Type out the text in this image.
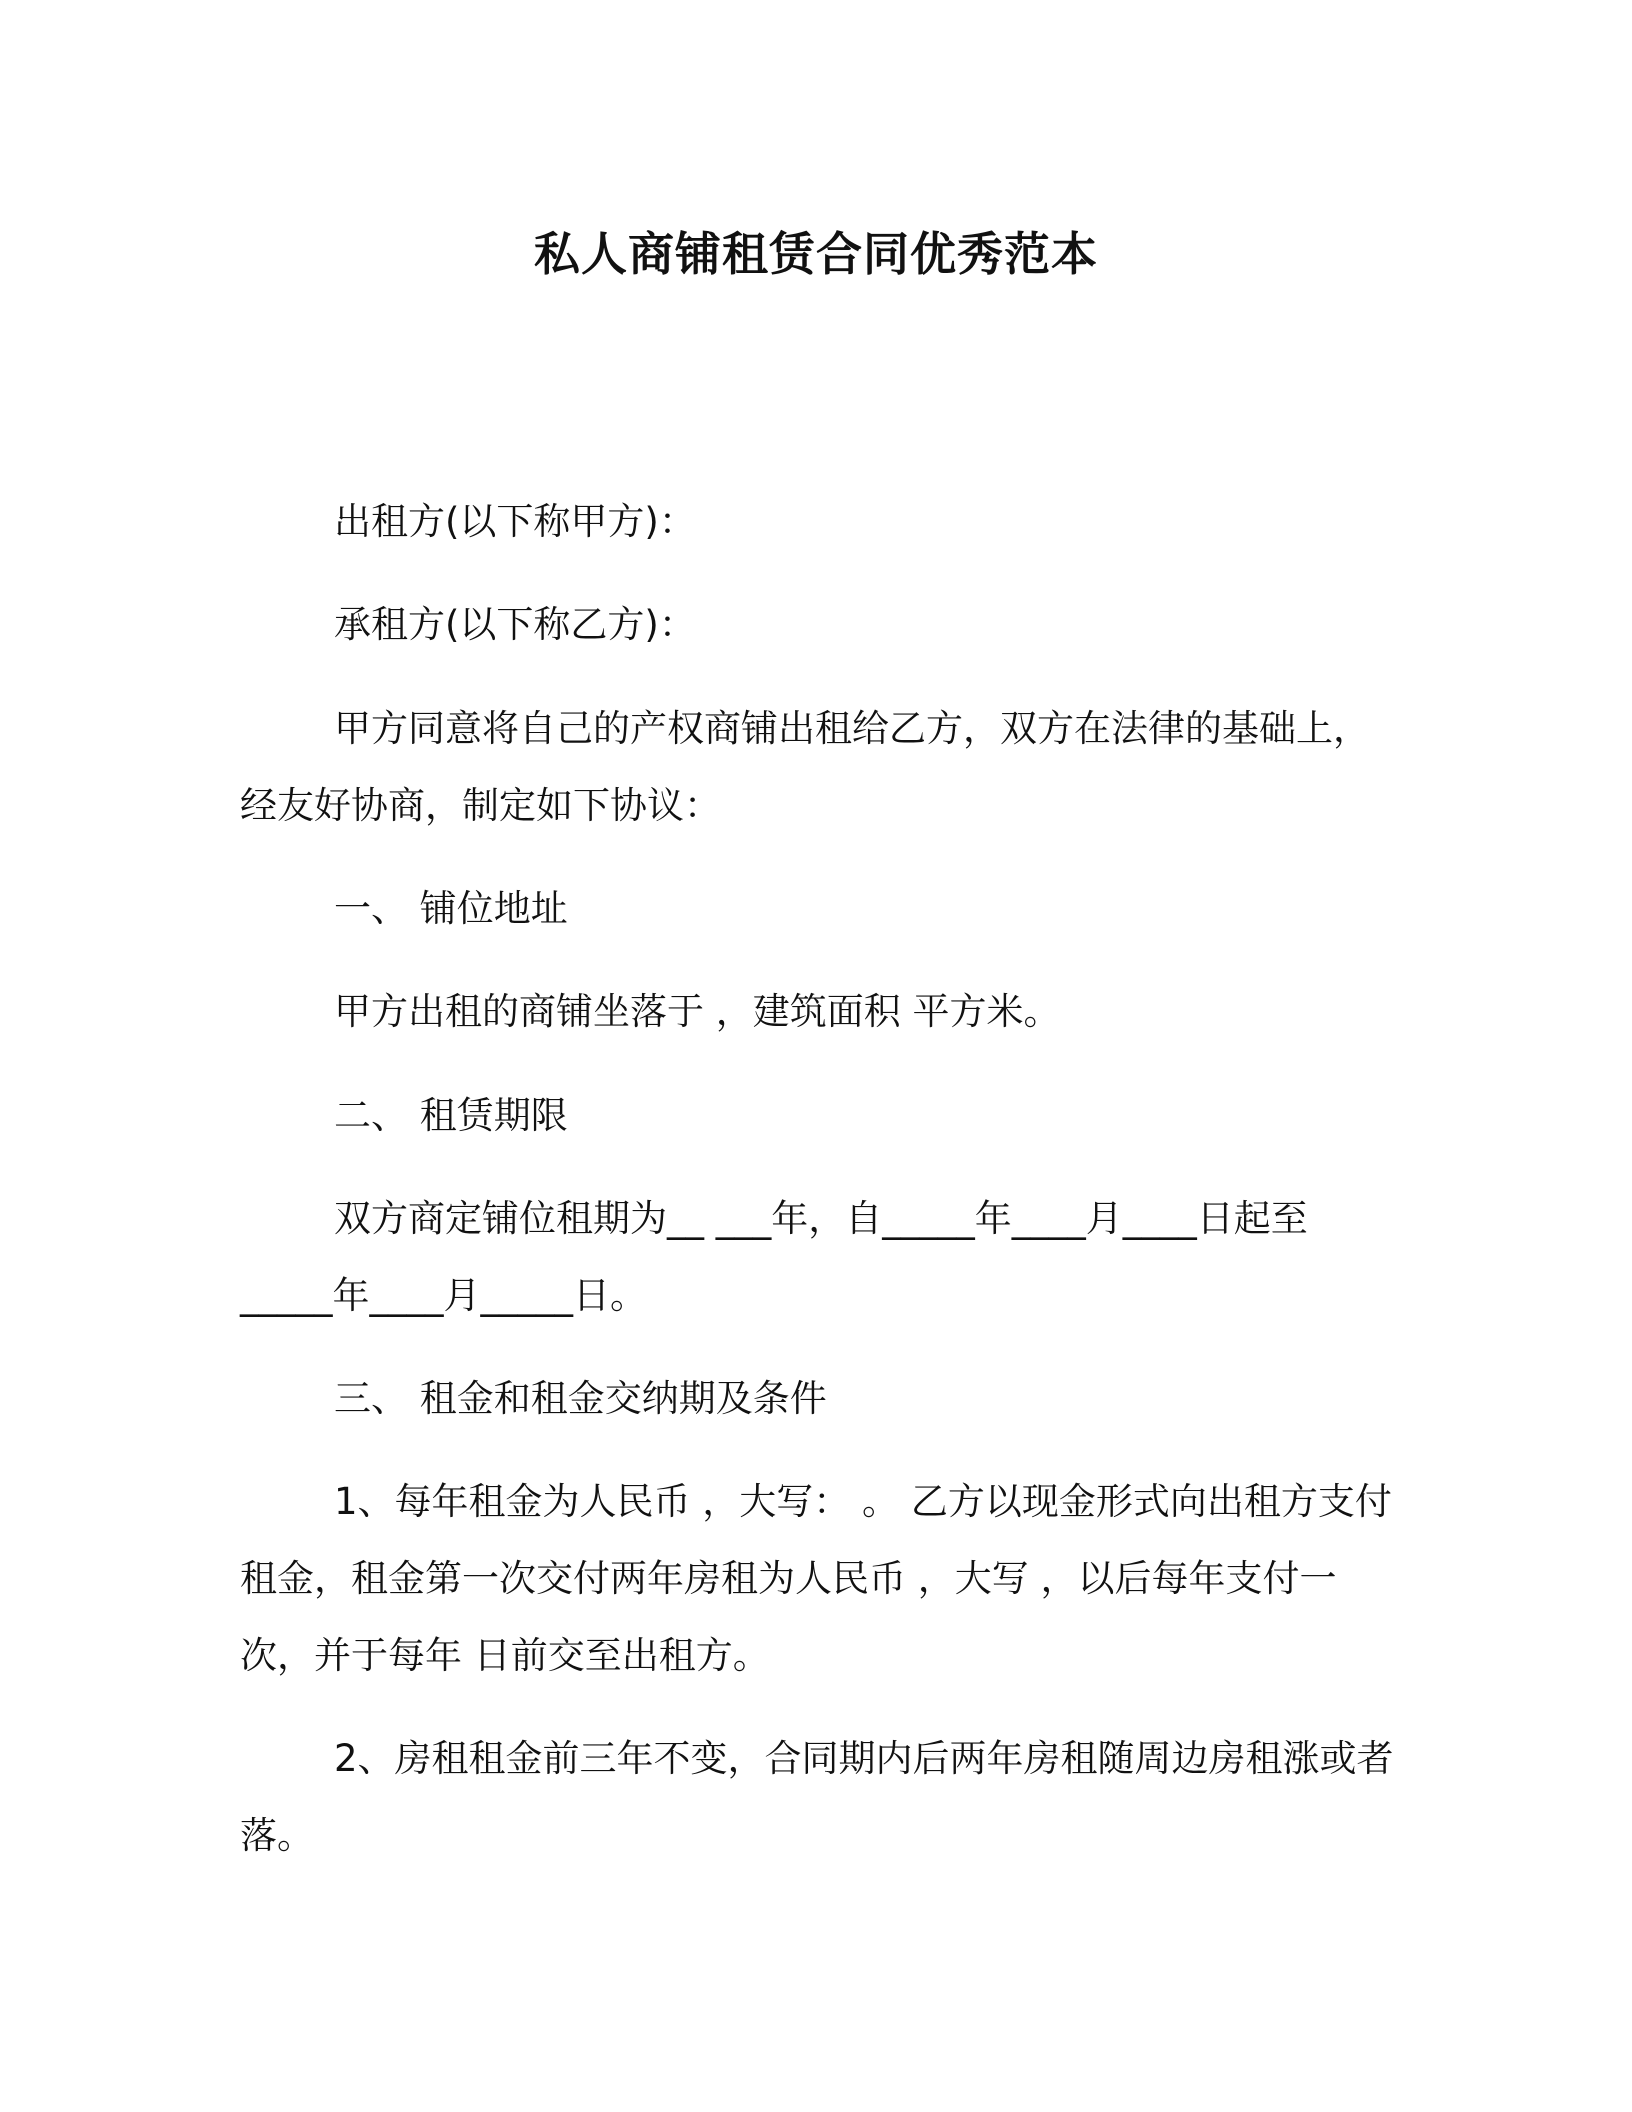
私人商铺租赁合同优秀范本
出租方(以下称甲方)：
承租方(以下称乙方)：
甲方同意将自己的产权商铺出租给乙方，双方在法律的基础上，经友好协商，制定如下协议：
一、 铺位地址
甲方出租的商铺坐落于 ，建筑面积 平方米。
二、 租赁期限
双方商定铺位租期为__ ___年，自_____年____月____日起至_____年____月_____日。
三、 租金和租金交纳期及条件
1、每年租金为人民币 ，大写： 。 乙方以现金形式向出租方支付租金，租金第一次交付两年房租为人民币 ，大写 ，以后每年支付一次，并于每年 日前交至出租方。
2、房租租金前三年不变，合同期内后两年房租随周边房租涨或者落。
